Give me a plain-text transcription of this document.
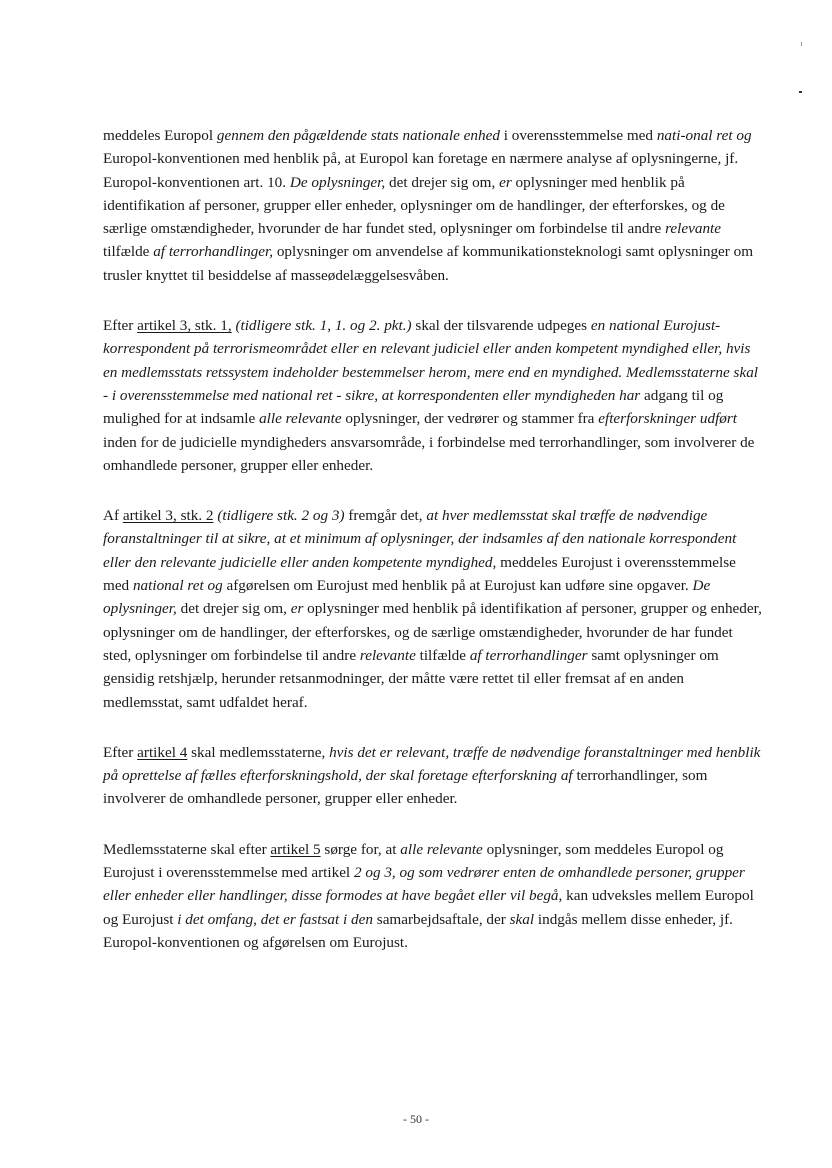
meddeles Europol gennem den pågældende stats nationale enhed i overensstemmelse med nati-onal ret og Europol-konventionen med henblik på, at Europol kan foretage en nærmere analyse af oplysningerne, jf. Europol-konventionen art. 10. De oplysninger, det drejer sig om, er oplysninger med henblik på identifikation af personer, grupper eller enheder, oplysninger om de handlinger, der efterforskes, og de særlige omstændigheder, hvorunder de har fundet sted, oplysninger om forbindelse til andre relevante tilfælde af terrorhandlinger, oplysninger om anvendelse af kommunikationsteknologi samt oplysninger om trusler knyttet til besiddelse af masseødelæggelsesvåben.

Efter artikel 3, stk. 1, (tidligere stk. 1, 1. og 2. pkt.) skal der tilsvarende udpeges en national Eurojust-korrespondent på terrorismeområdet eller en relevant judiciel eller anden kompetent myndighed eller, hvis en medlemsstats retssystem indeholder bestemmelser herom, mere end en myndighed. Medlemsstaterne skal - i overensstemmelse med national ret - sikre, at korrespondenten eller myndigheden har adgang til og mulighed for at indsamle alle relevante oplysninger, der vedrører og stammer fra efterforskninger udført inden for de judicielle myndigheders ansvarsområde, i forbindelse med terrorhandlinger, som involverer de omhandlede personer, grupper eller enheder.

Af artikel 3, stk. 2 (tidligere stk. 2 og 3) fremgår det, at hver medlemsstat skal træffe de nødvendige foranstaltninger til at sikre, at et minimum af oplysninger, der indsamles af den nationale korrespondent eller den relevante judicielle eller anden kompetente myndighed, meddeles Eurojust i overensstemmelse med national ret og afgørelsen om Eurojust med henblik på at Eurojust kan udføre sine opgaver. De oplysninger, det drejer sig om, er oplysninger med henblik på identifikation af personer, grupper og enheder, oplysninger om de handlinger, der efterforskes, og de særlige omstændigheder, hvorunder de har fundet sted, oplysninger om forbindelse til andre relevante tilfælde af terrorhandlinger samt oplysninger om gensidig retshjælp, herunder retsanmodninger, der måtte være rettet til eller fremsat af en anden medlemsstat, samt udfaldet heraf.

Efter artikel 4 skal medlemsstaterne, hvis det er relevant, træffe de nødvendige foranstaltninger med henblik på oprettelse af fælles efterforskningshold, der skal foretage efterforskning af terrorhandlinger, som involverer de omhandlede personer, grupper eller enheder.

Medlemsstaterne skal efter artikel 5 sørge for, at alle relevante oplysninger, som meddeles Europol og Eurojust i overensstemmelse med artikel 2 og 3, og som vedrører enten de omhandlede personer, grupper eller enheder eller handlinger, disse formodes at have begået eller vil begå, kan udveksles mellem Europol og Eurojust i det omfang, det er fastsat i den samarbejdsaftale, der skal indgås mellem disse enheder, jf. Europol-konventionen og afgørelsen om Eurojust.

- 50 -
